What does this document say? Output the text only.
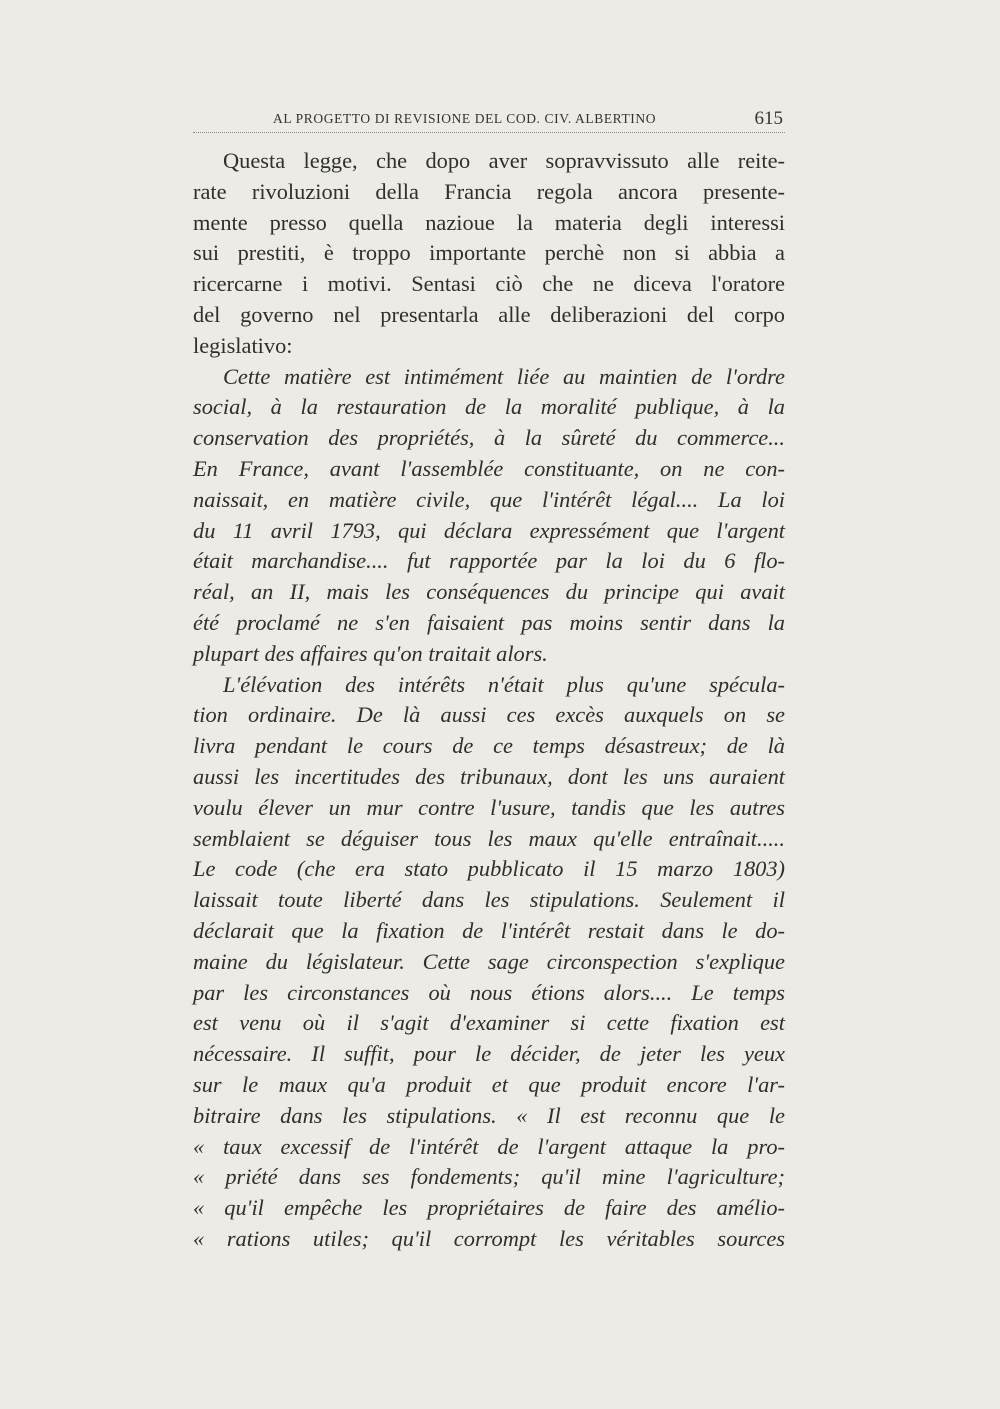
AL PROGETTO DI REVISIONE DEL COD. CIV. ALBERTINO	615
Questa legge, che dopo aver sopravvissuto alle reite-
rate rivoluzioni della Francia regola ancora presente-
mente presso quella nazioue la materia degli interessi
sui prestiti, è troppo importante perchè non si abbia a
ricercarne i motivi. Sentasi ciò che ne diceva l'oratore
del governo nel presentarla alle deliberazioni del corpo
legislativo:
Cette matière est intimément liée au maintien de l'ordre
social, à la restauration de la moralité publique, à la
conservation des propriétés, à la sûreté du commerce...
En France, avant l'assemblée constituante, on ne con-
naissait, en matière civile, que l'intérêt légal.... La loi
du 11 avril 1793, qui déclara expressément que l'argent
était marchandise.... fut rapportée par la loi du 6 flo-
réal, an II, mais les conséquences du principe qui avait
été proclamé ne s'en faisaient pas moins sentir dans la
plupart des affaires qu'on traitait alors.
L'élévation des intérêts n'était plus qu'une spécula-
tion ordinaire. De là aussi ces excès auxquels on se
livra pendant le cours de ce temps désastreux; de là
aussi les incertitudes des tribunaux, dont les uns auraient
voulu élever un mur contre l'usure, tandis que les autres
semblaient se déguiser tous les maux qu'elle entraînait.....
Le code (che era stato pubblicato il 15 marzo 1803)
laissait toute liberté dans les stipulations. Seulement il
déclarait que la fixation de l'intérêt restait dans le do-
maine du législateur. Cette sage circonspection s'explique
par les circonstances où nous étions alors.... Le temps
est venu où il s'agit d'examiner si cette fixation est
nécessaire. Il suffit, pour le décider, de jeter les yeux
sur le maux qu'a produit et que produit encore l'ar-
bitraire dans les stipulations. « Il est reconnu que le
« taux excessif de l'intérêt de l'argent attaque la pro-
« priété dans ses fondements; qu'il mine l'agriculture;
« qu'il empêche les propriétaires de faire des amélio-
« rations utiles; qu'il corrompt les véritables sources
